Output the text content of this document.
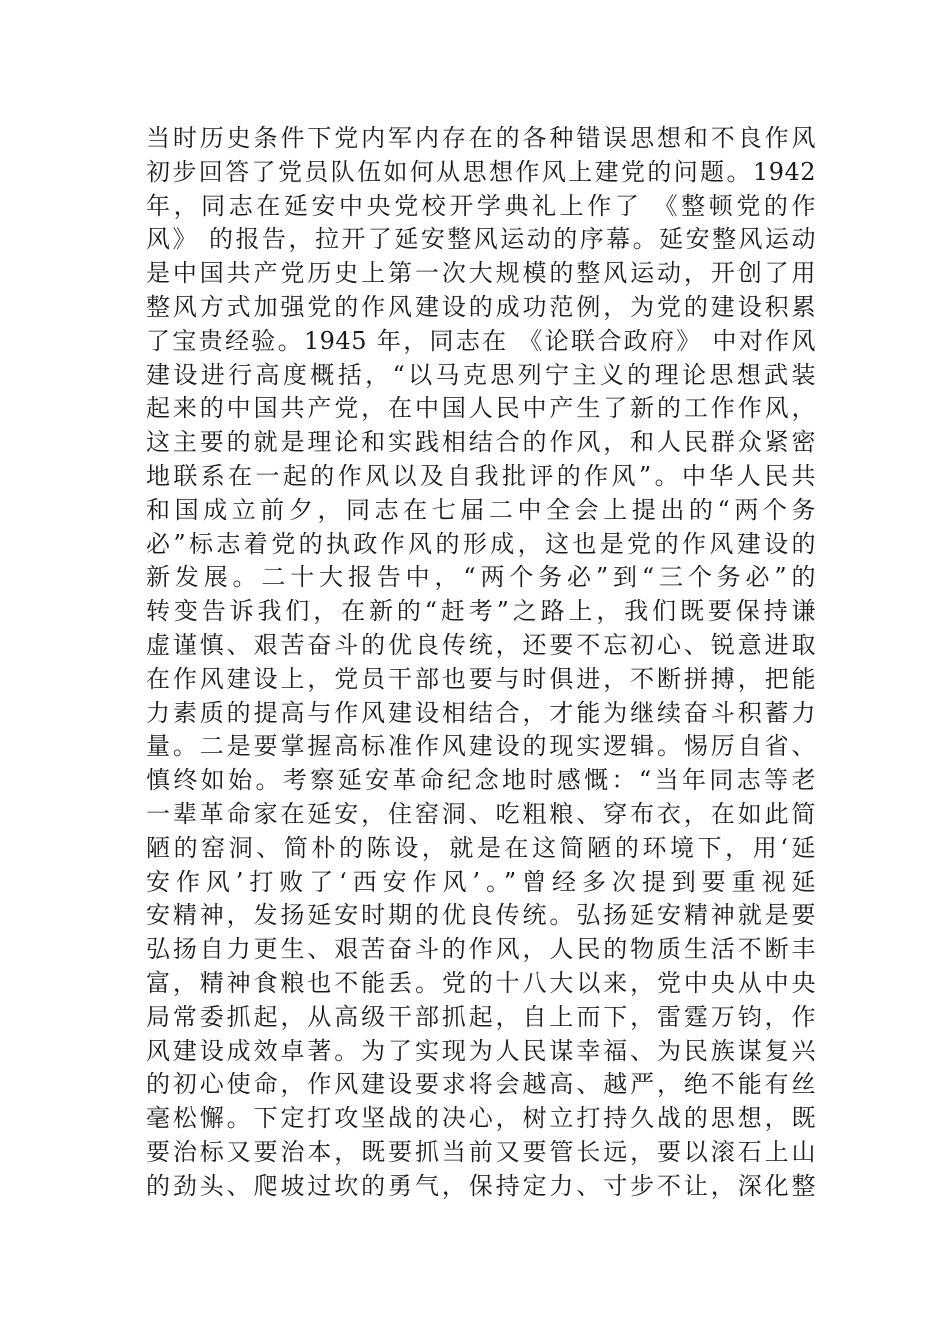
当时历史条件下党内军内存在的各种错误思想和不良作风
初步回答了党员队伍如何从思想作风上建党的问题。1942
年，同志在延安中央党校开学典礼上作了 《整顿党的作
风》 的报告，拉开了延安整风运动的序幕。延安整风运动
是中国共产党历史上第一次大规模的整风运动，开创了用
整风方式加强党的作风建设的成功范例，为党的建设积累
了宝贵经验。1945 年，同志在 《论联合政府》 中对作风
建设进行高度概括，“以马克思列宁主义的理论思想武装
起来的中国共产党，在中国人民中产生了新的工作作风，
这主要的就是理论和实践相结合的作风，和人民群众紧密
地联系在一起的作风以及自我批评的作风”。中华人民共
和国成立前夕，同志在七届二中全会上提出的“两个务
必”标志着党的执政作风的形成，这也是党的作风建设的
新发展。二十大报告中，“两个务必”到“三个务必”的
转变告诉我们，在新的“赶考”之路上，我们既要保持谦
虚谨慎、艰苦奋斗的优良传统，还要不忘初心、锐意进取
在作风建设上，党员干部也要与时俱进，不断拼搏，把能
力素质的提高与作风建设相结合，才能为继续奋斗积蓄力
量。二是要掌握高标准作风建设的现实逻辑。惕厉自省、
慎终如始。考察延安革命纪念地时感慨：“当年同志等老
一辈革命家在延安，住窑洞、吃粗粮、穿布衣，在如此简
陋的窑洞、简朴的陈设，就是在这简陋的环境下，用‘延
安作风’打败了‘西安作风’。”曾经多次提到要重视延
安精神，发扬延安时期的优良传统。弘扬延安精神就是要
弘扬自力更生、艰苦奋斗的作风，人民的物质生活不断丰
富，精神食粮也不能丢。党的十八大以来，党中央从中央
局常委抓起，从高级干部抓起，自上而下，雷霆万钧，作
风建设成效卓著。为了实现为人民谋幸福、为民族谋复兴
的初心使命，作风建设要求将会越高、越严，绝不能有丝
毫松懈。下定打攻坚战的决心，树立打持久战的思想，既
要治标又要治本，既要抓当前又要管长远，要以滚石上山
的劲头、爬坡过坎的勇气，保持定力、寸步不让，深化整
